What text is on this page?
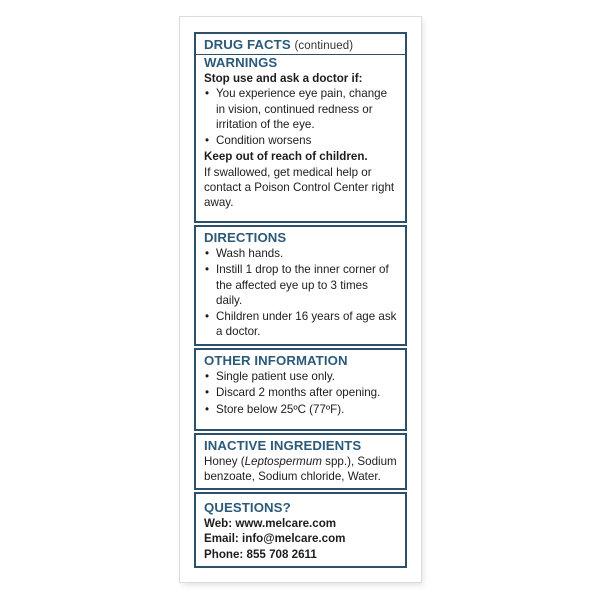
DRUG FACTS (continued)
WARNINGS
Stop use and ask a doctor if:
• You experience eye pain, change in vision, continued redness or irritation of the eye.
• Condition worsens
Keep out of reach of children.
If swallowed, get medical help or contact a Poison Control Center right away.
DIRECTIONS
• Wash hands.
• Instill 1 drop to the inner corner of the affected eye up to 3 times daily.
• Children under 16 years of age ask a doctor.
OTHER INFORMATION
• Single patient use only.
• Discard 2 months after opening.
• Store below 25ºC (77ºF).
INACTIVE INGREDIENTS
Honey (Leptospermum spp.), Sodium benzoate, Sodium chloride, Water.
QUESTIONS?
Web: www.melcare.com
Email: info@melcare.com
Phone: 855 708 2611
